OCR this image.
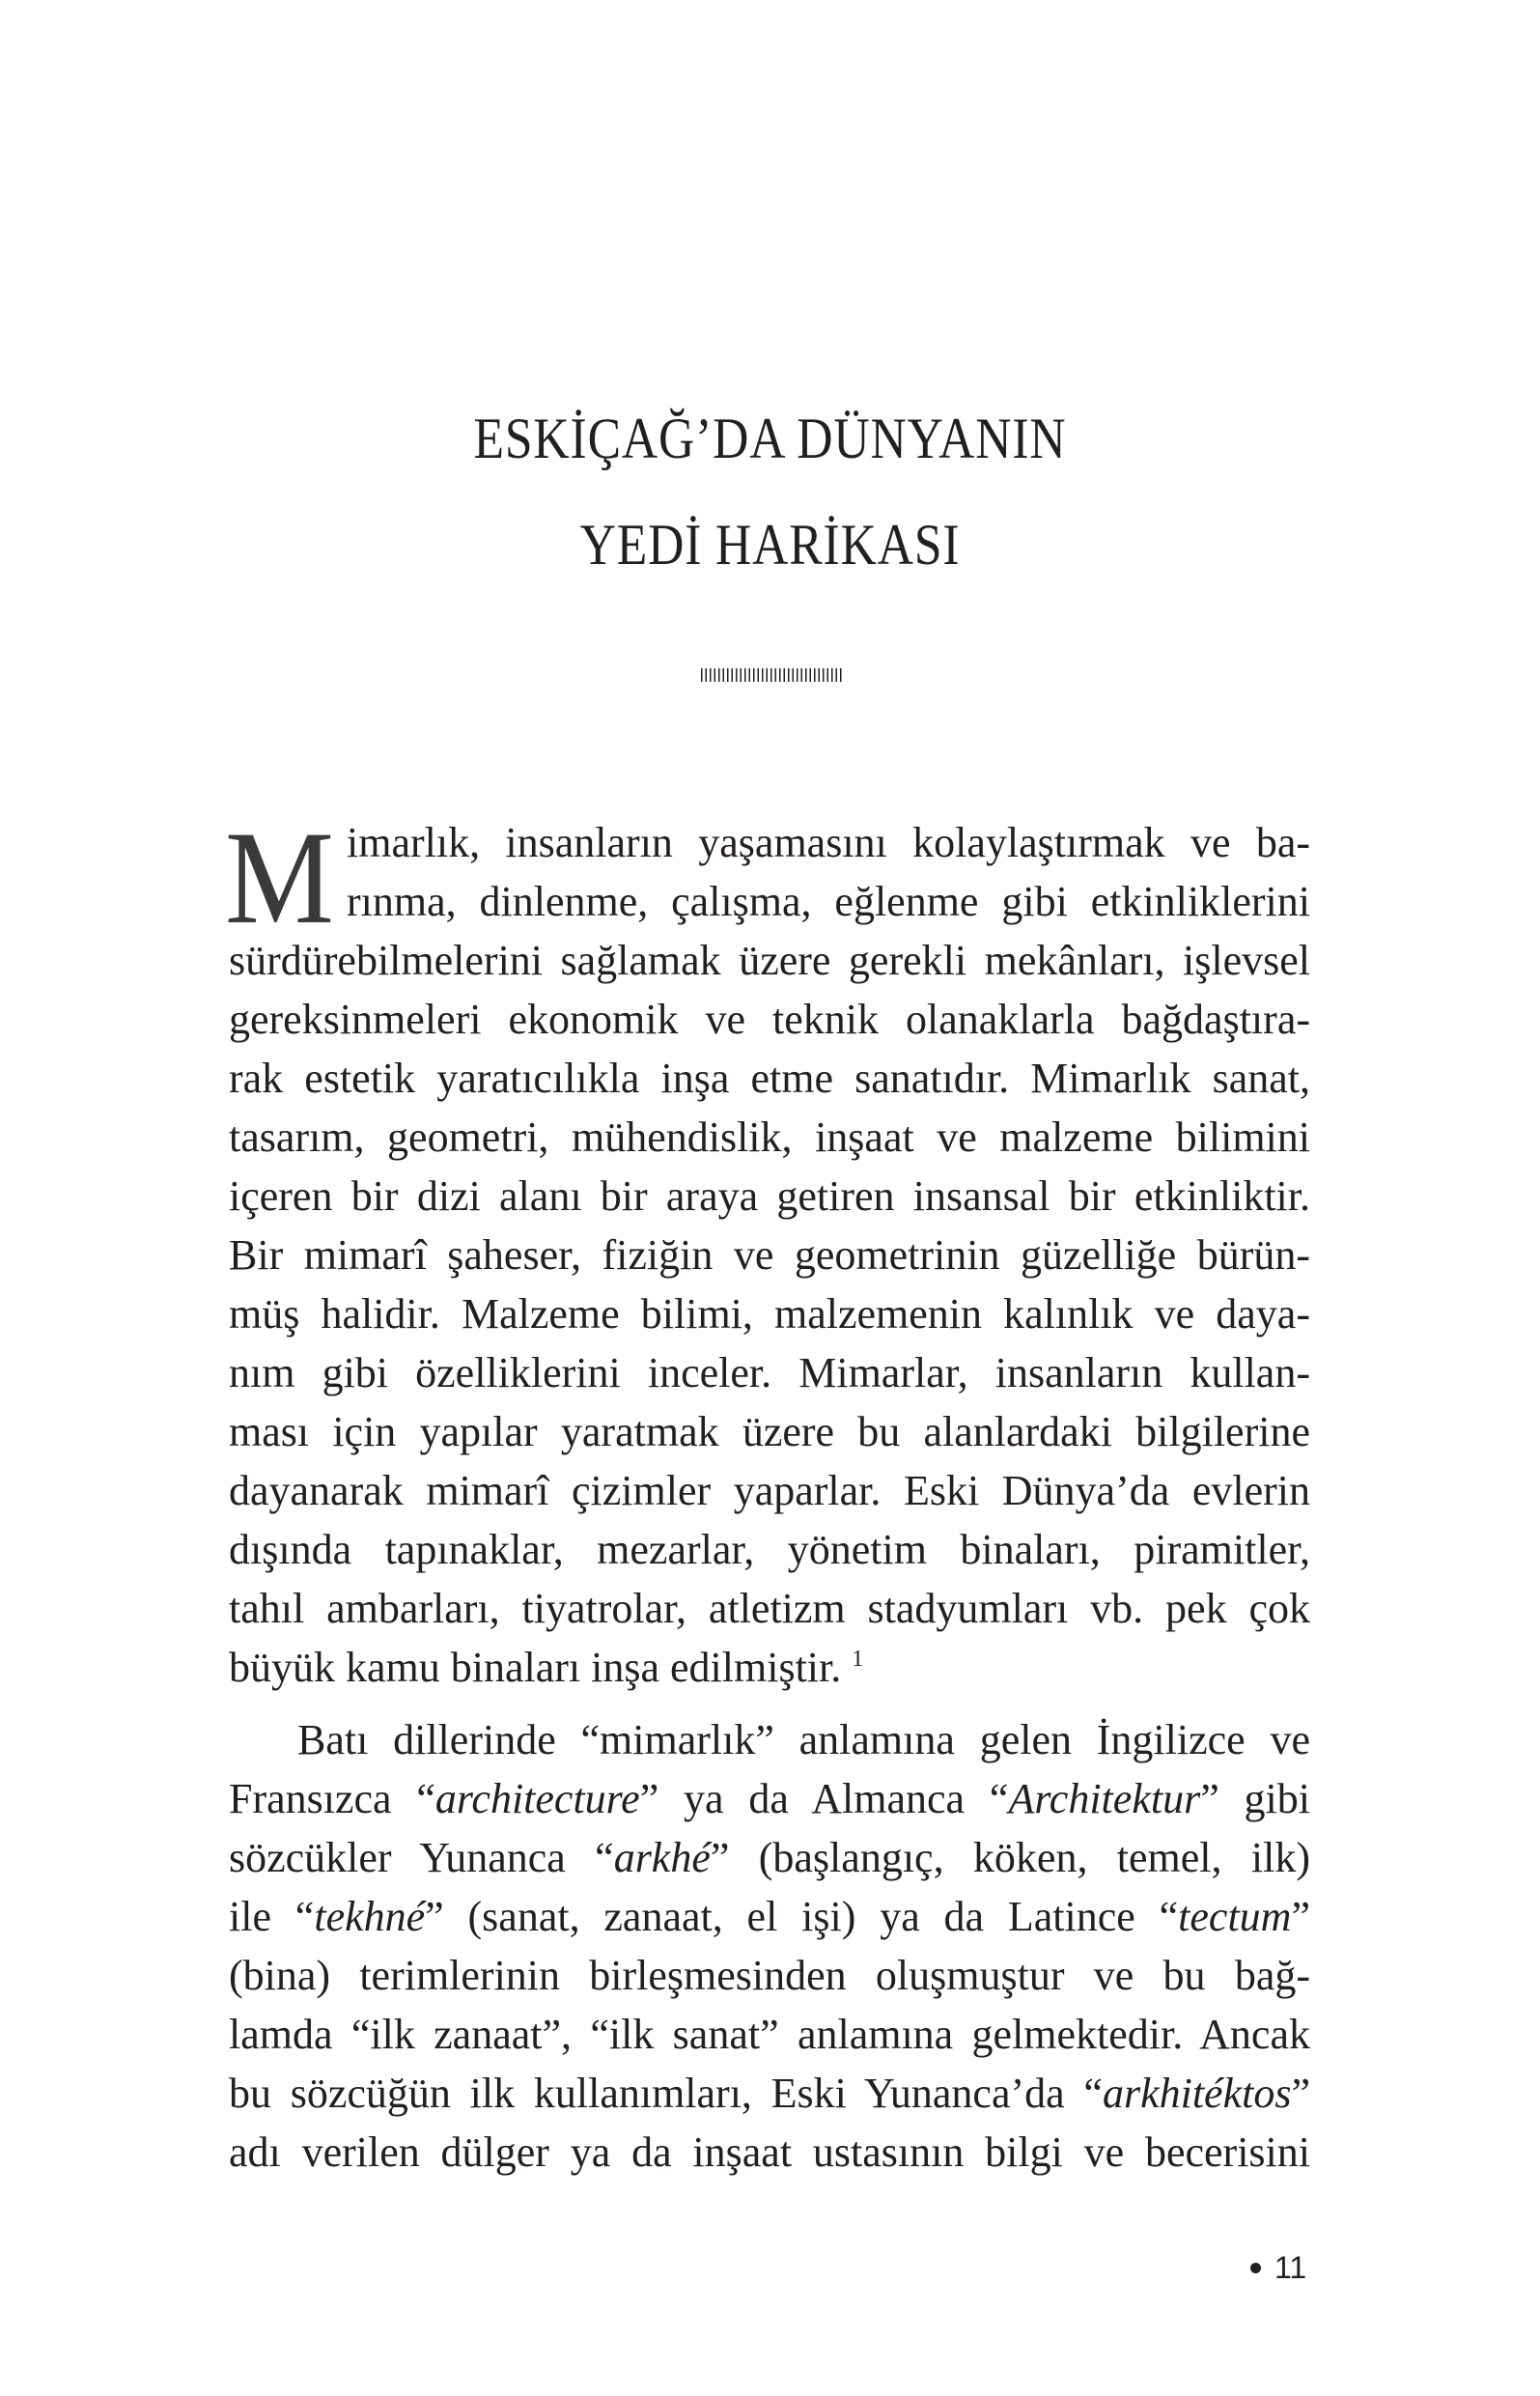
ESKİÇAĞ’DA DÜNYANIN
YEDİ HARİKASI
M imarlık, insanların yaşamasını kolaylaştırmak ve ba-
rınma, dinlenme, çalışma, eğlenme gibi etkinliklerini
sürdürebilmelerini sağlamak üzere gerekli mekânları, işlevsel
gereksinmeleri ekonomik ve teknik olanaklarla bağdaştıra-
rak estetik yaratıcılıkla inşa etme sanatıdır. Mimarlık sanat,
tasarım, geometri, mühendislik, inşaat ve malzeme bilimini
içeren bir dizi alanı bir araya getiren insansal bir etkinliktir.
Bir mimarî şaheser, fiziğin ve geometrinin güzelliğe bürün-
müş halidir. Malzeme bilimi, malzemenin kalınlık ve daya-
nım gibi özelliklerini inceler. Mimarlar, insanların kullan-
ması için yapılar yaratmak üzere bu alanlardaki bilgilerine
dayanarak mimarî çizimler yaparlar. Eski Dünya’da evlerin
dışında tapınaklar, mezarlar, yönetim binaları, piramitler,
tahıl ambarları, tiyatrolar, atletizm stadyumları vb. pek çok
büyük kamu binaları inşa edilmiştir. $^1$
Batı dillerinde “mimarlık” anlamına gelen İngilizce ve
Fransızca “architecture” ya da Almanca “Architektur” gibi
sözcükler Yunanca “arkhé” (başlangıç, köken, temel, ilk)
ile “tekhné” (sanat, zanaat, el işi) ya da Latince “tectum”
(bina) terimlerinin birleşmesinden oluşmuştur ve bu bağ-
lamda “ilk zanaat”, “ilk sanat” anlamına gelmektedir. Ancak
bu sözcüğün ilk kullanımları, Eski Yunanca’da “arkhitéktos”
adı verilen dülger ya da inşaat ustasının bilgi ve becerisini
11
